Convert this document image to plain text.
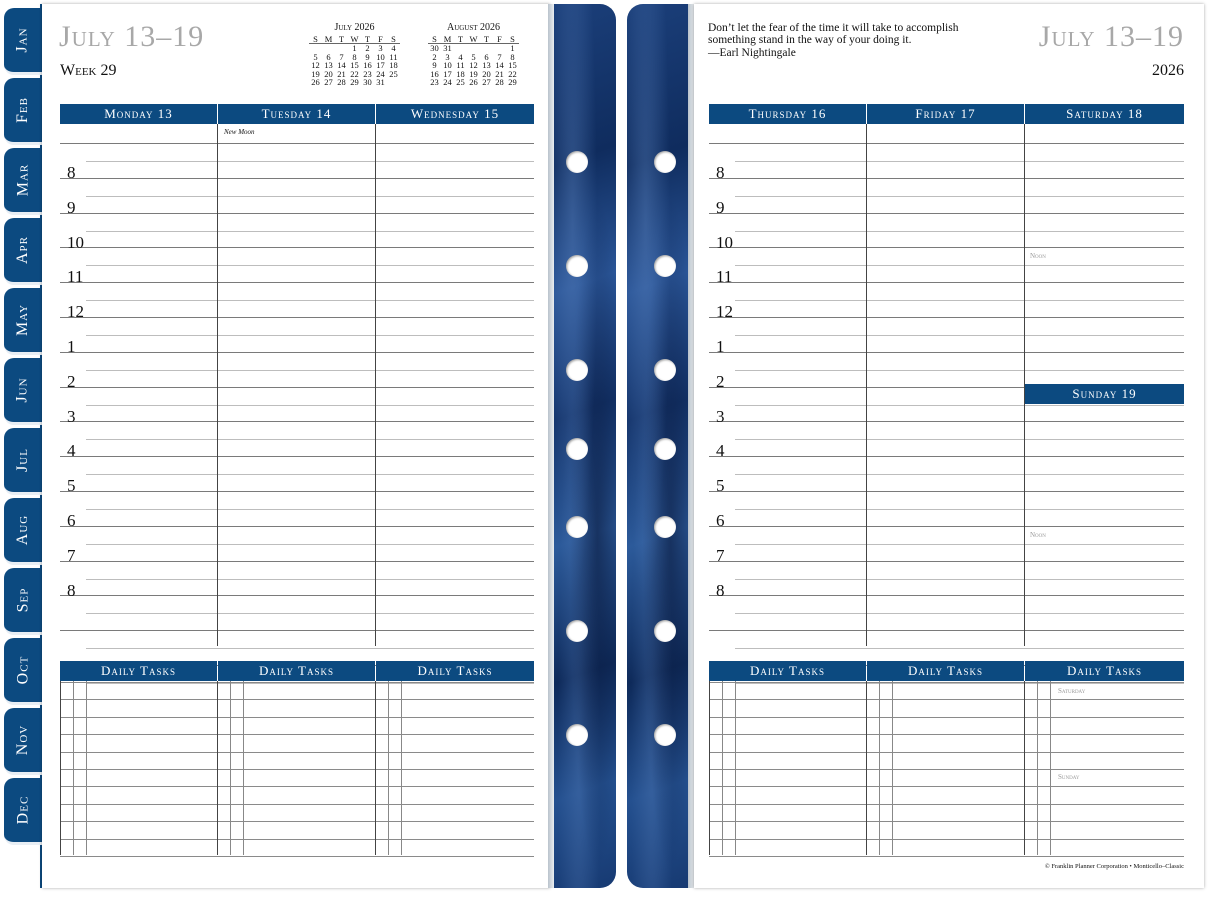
Jan
Feb
Mar
Apr
May
Jun
Jul
Aug
Sep
Oct
Nov
Dec
July 13–19
Week 29
July 2026
S	M	T	W	T	F	S
			1	2	3	4
5	6	7	8	9	10	11
12	13	14	15	16	17	18
19	20	21	22	23	24	25
26	27	28	29	30	31	
August 2026
S	M	T	W	T	F	S
30	31					1
2	3	4	5	6	7	8
9	10	11	12	13	14	15
16	17	18	19	20	21	22
23	24	25	26	27	28	29
Monday 13	Tuesday 14	Wednesday 15
New Moon
Daily Tasks	Daily Tasks	Daily Tasks
8
9
10
11
12
1
2
3
4
5
6
7
8
Don’t let the fear of the time it will take to accomplish something stand in the way of your doing it.
—Earl Nightingale	July 13–19
2026
Thursday 16	Friday 17	Saturday 18
Noon
Sunday 19
Noon
Daily Tasks	Daily Tasks	Daily Tasks
Saturday
Sunday
© Franklin Planner Corporation • Monticello–Classic
8
9
10
11
12
1
2
3
4
5
6
7
8
